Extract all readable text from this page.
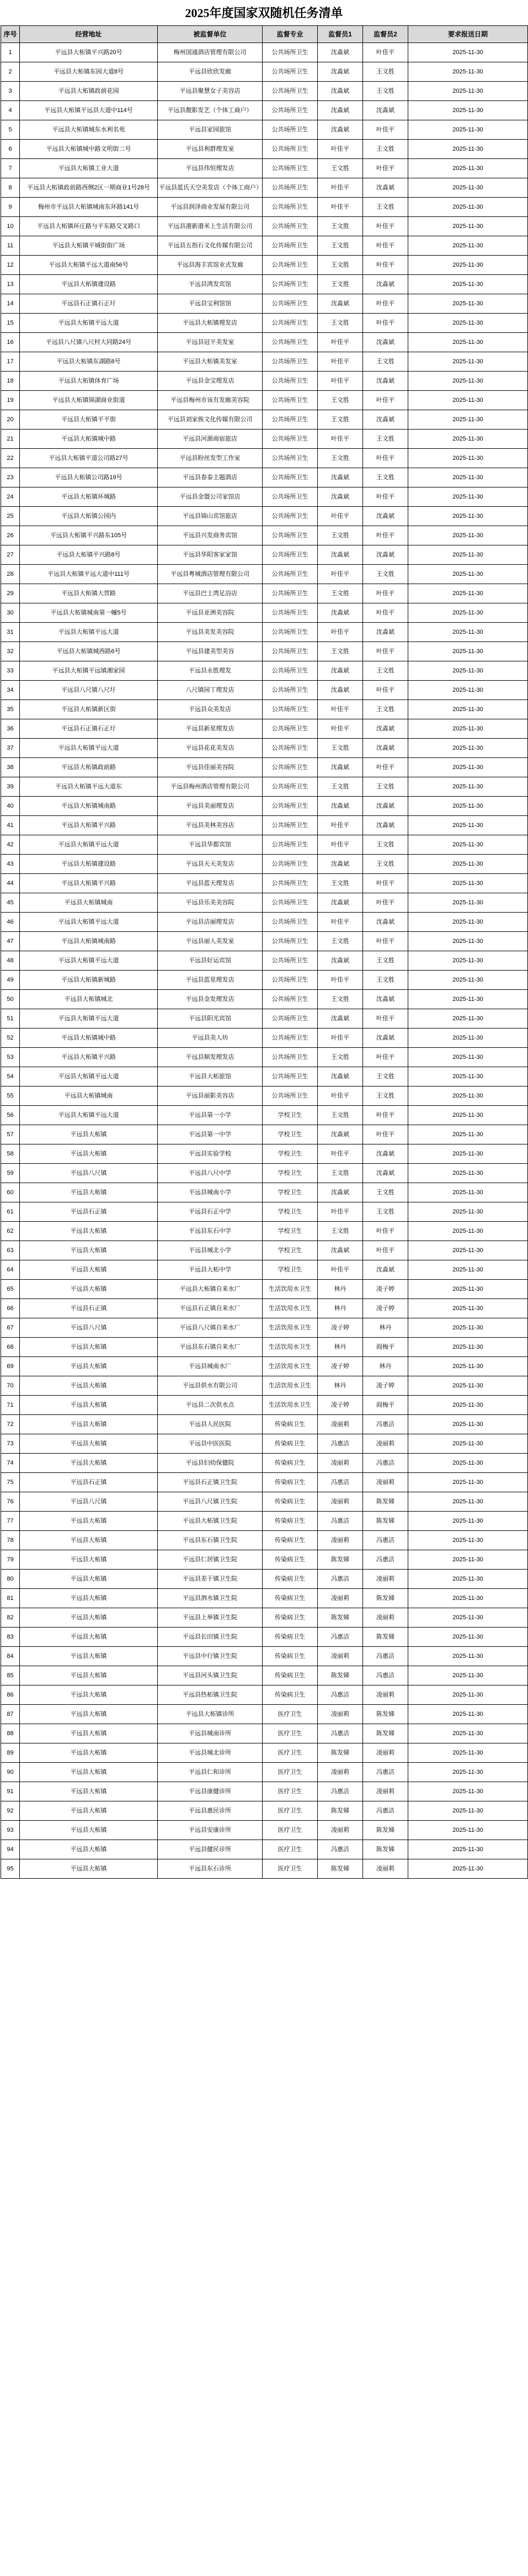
2025年度国家双随机任务清单
序号	经营地址	被监督单位	监督专业	监督员1	监督员2	要求报送日期
1	平远县大柘镇平兴路20号	梅州国通酒店管理有限公司	公共场所卫生	沈淼斌	叶佳平	2025-11-30
2	平远县大柘镇东园大道8号	平远县欣欣发廊	公共场所卫生	沈淼斌	王文胜	2025-11-30
3	平远县大柘镇政前花园	平远县聚慧女子美容店	公共场所卫生	沈淼斌	王文胜	2025-11-30
4	平远县大柘镇平远县大道中114号	平远县靓影发艺（个体工商户）	公共场所卫生	沈淼斌	沈淼斌	2025-11-30
5	平远县大柘镇城东水利名苑	平远县家园旅馆	公共场所卫生	沈淼斌	叶佳平	2025-11-30
6	平远县大柘镇城中路文明街二号	平远县利群理发室	公共场所卫生	叶佳平	王文胜	2025-11-30
7	平远县大柘镇工业大道	平远县伟恒理发店	公共场所卫生	王文胜	叶佳平	2025-11-30
8	平远县大柘镇政前路西侧2区一期商业1号28号	平远县蓝氏天空美发店（个体工商户）	公共场所卫生	叶佳平	沈淼斌	2025-11-30
9	梅州市平远县大柘镇城南东环路141号	平远县润泽商业发展有限公司	公共场所卫生	叶佳平	王文胜	2025-11-30
10	平远县大柘镇环庄路与平东路交叉路口	平远县港新港米上生活有限公司	公共场所卫生	王文胜	叶佳平	2025-11-30
11	平远县大柘镇平城街街广场	平远县五指石文化传媒有限公司	公共场所卫生	王文胜	叶佳平	2025-11-30
12	平远县大柘镇平远大道南56号	平远县海丰宾馆业式发廊	公共场所卫生	王文胜	叶佳平	2025-11-30
13	平远县大柘镇建设路	平远县鸿发宾馆	公共场所卫生	王文胜	沈淼斌	2025-11-30
14	平远县石正镇石正圩	平远县宝利馆馆	公共场所卫生	沈淼斌	叶佳平	2025-11-30
15	平远县大柘镇平远大道	平远县大柘镇理发店	公共场所卫生	王文胜	叶佳平	2025-11-30
16	平远县八尺镇八尺村大同路24号	平远县冠平美发室	公共场所卫生	叶佳平	沈淼斌	2025-11-30
17	平远县大柘镇东湖路8号	平远县大柘镇美发室	公共场所卫生	叶佳平	王文胜	2025-11-30
18	平远县大柘镇体育广场	平远县金宝理发店	公共场所卫生	叶佳平	沈淼斌	2025-11-30
19	平远县大柘镇锦湖商业街道	平远县梅州市该有发廊美容院	公共场所卫生	王文胜	叶佳平	2025-11-30
20	平远县大柘镇平平街	平远县刘家族文化传媒有限公司	公共场所卫生	王文胜	沈淼斌	2025-11-30
21	平远县大柘镇城中路	平远县河源商宿旅店	公共场所卫生	叶佳平	王文胜	2025-11-30
22	平远县大柘镇平道公司路27号	平远县粉丝发型工作室	公共场所卫生	王文胜	叶佳平	2025-11-30
23	平远县大柘镇公司路19号	平远县春泰主题酒店	公共场所卫生	沈淼斌	王文胜	2025-11-30
24	平远县大柘镇环城路	平远县金盟公司家馆店	公共场所卫生	沈淼斌	叶佳平	2025-11-30
25	平远县大柘镇公园内	平远县锦山宾馆旅店	公共场所卫生	叶佳平	沈淼斌	2025-11-30
26	平远县大柘镇平兴路东105号	平远县兴发商务宾馆	公共场所卫生	王文胜	叶佳平	2025-11-30
27	平远县大柘镇平兴路8号	平远县华阳客家家馆	公共场所卫生	沈淼斌	沈淼斌	2025-11-30
28	平远县大柘镇平远大道中111号	平远县粤城酒店管理有限公司	公共场所卫生	叶佳平	王文胜	2025-11-30
29	平远县大柘镇大营路	平远县巴士湾足浴店	公共场所卫生	王文胜	叶佳平	2025-11-30
30	平远县大柘镇城南第一幢5号	平远县亚洲美容院	公共场所卫生	沈淼斌	叶佳平	2025-11-30
31	平远县大柘镇平远大道	平远县美发美容院	公共场所卫生	叶佳平	沈淼斌	2025-11-30
32	平远县大柘镇城西路6号	平远县建美型美容	公共场所卫生	王文胜	叶佳平	2025-11-30
33	平远县大柘镇平远镇湘家园	平远县永胜理发	公共场所卫生	沈淼斌	王文胜	2025-11-30
34	平远县八尺镇八尺圩	八尺镇园丁理发店	公共场所卫生	沈淼斌	叶佳平	2025-11-30
35	平远县大柘镇新区街	平远县众美发店	公共场所卫生	叶佳平	王文胜	2025-11-30
36	平远县石正镇石正圩	平远县新星理发店	公共场所卫生	叶佳平	沈淼斌	2025-11-30
37	平远县大柘镇平远大道	平远县花花美发店	公共场所卫生	王文胜	沈淼斌	2025-11-30
38	平远县大柘镇政前路	平远县佳丽美容院	公共场所卫生	沈淼斌	叶佳平	2025-11-30
39	平远县大柘镇平远大道东	平远县梅州酒店管理有限公司	公共场所卫生	王文胜	王文胜	2025-11-30
40	平远县大柘镇城南路	平远县美丽理发店	公共场所卫生	沈淼斌	沈淼斌	2025-11-30
41	平远县大柘镇平兴路	平远县美林美容店	公共场所卫生	叶佳平	沈淼斌	2025-11-30
42	平远县大柘镇平远大道	平远县华都宾馆	公共场所卫生	叶佳平	王文胜	2025-11-30
43	平远县大柘镇建设路	平远县天天美发店	公共场所卫生	沈淼斌	王文胜	2025-11-30
44	平远县大柘镇平兴路	平远县蓝天理发店	公共场所卫生	王文胜	叶佳平	2025-11-30
45	平远县大柘镇城南	平远县乐美美容院	公共场所卫生	沈淼斌	叶佳平	2025-11-30
46	平远县大柘镇平远大道	平远县洁丽理发店	公共场所卫生	叶佳平	沈淼斌	2025-11-30
47	平远县大柘镇城南路	平远县丽人美发室	公共场所卫生	王文胜	叶佳平	2025-11-30
48	平远县大柘镇平远大道	平远县好运宾馆	公共场所卫生	沈淼斌	王文胜	2025-11-30
49	平远县大柘镇新城路	平远县蓝星理发店	公共场所卫生	叶佳平	王文胜	2025-11-30
50	平远县大柘镇城北	平远县金发理发店	公共场所卫生	王文胜	沈淼斌	2025-11-30
51	平远县大柘镇平远大道	平远县阳光宾馆	公共场所卫生	沈淼斌	叶佳平	2025-11-30
52	平远县大柘镇城中路	平远县美人坊	公共场所卫生	叶佳平	沈淼斌	2025-11-30
53	平远县大柘镇平兴路	平远县顺发理发店	公共场所卫生	王文胜	叶佳平	2025-11-30
54	平远县大柘镇平远大道	平远县大柘旅馆	公共场所卫生	沈淼斌	王文胜	2025-11-30
55	平远县大柘镇城南	平远县丽影美容店	公共场所卫生	叶佳平	王文胜	2025-11-30
56	平远县大柘镇平远大道	平远县第一小学	学校卫生	王文胜	叶佳平	2025-11-30
57	平远县大柘镇	平远县第一中学	学校卫生	沈淼斌	叶佳平	2025-11-30
58	平远县大柘镇	平远县实验学校	学校卫生	叶佳平	沈淼斌	2025-11-30
59	平远县八尺镇	平远县八尺中学	学校卫生	王文胜	沈淼斌	2025-11-30
60	平远县大柘镇	平远县城南小学	学校卫生	沈淼斌	王文胜	2025-11-30
61	平远县石正镇	平远县石正中学	学校卫生	叶佳平	王文胜	2025-11-30
62	平远县大柘镇	平远县东石中学	学校卫生	王文胜	叶佳平	2025-11-30
63	平远县大柘镇	平远县城北小学	学校卫生	沈淼斌	叶佳平	2025-11-30
64	平远县大柘镇	平远县大柘中学	学校卫生	叶佳平	沈淼斌	2025-11-30
65	平远县大柘镇	平远县大柘镇自来水厂	生活饮用水卫生	林丹	凌子婷	2025-11-30
66	平远县石正镇	平远县石正镇自来水厂	生活饮用水卫生	林丹	凌子婷	2025-11-30
67	平远县八尺镇	平远县八尺镇自来水厂	生活饮用水卫生	凌子婷	林丹	2025-11-30
68	平远县大柘镇	平远县东石镇自来水厂	生活饮用水卫生	林丹	阎梅平	2025-11-30
69	平远县大柘镇	平远县城南水厂	生活饮用水卫生	凌子婷	林丹	2025-11-30
70	平远县大柘镇	平远县供水有限公司	生活饮用水卫生	林丹	凌子婷	2025-11-30
71	平远县大柘镇	平远县二次供水点	生活饮用水卫生	凌子婷	阎梅平	2025-11-30
72	平远县大柘镇	平远县人民医院	传染病卫生	凌丽莉	冯惠洁	2025-11-30
73	平远县大柘镇	平远县中医医院	传染病卫生	冯惠洁	凌丽莉	2025-11-30
74	平远县大柘镇	平远县妇幼保健院	传染病卫生	凌丽莉	冯惠洁	2025-11-30
75	平远县石正镇	平远县石正镇卫生院	传染病卫生	冯惠洁	凌丽莉	2025-11-30
76	平远县八尺镇	平远县八尺镇卫生院	传染病卫生	凌丽莉	陈发娣	2025-11-30
77	平远县大柘镇	平远县大柘镇卫生院	传染病卫生	冯惠洁	陈发娣	2025-11-30
78	平远县大柘镇	平远县东石镇卫生院	传染病卫生	凌丽莉	冯惠洁	2025-11-30
79	平远县大柘镇	平远县仁居镇卫生院	传染病卫生	陈发娣	冯惠洁	2025-11-30
80	平远县大柘镇	平远县差干镇卫生院	传染病卫生	冯惠洁	凌丽莉	2025-11-30
81	平远县大柘镇	平远县泗水镇卫生院	传染病卫生	凌丽莉	陈发娣	2025-11-30
82	平远县大柘镇	平远县上举镇卫生院	传染病卫生	陈发娣	凌丽莉	2025-11-30
83	平远县大柘镇	平远县长田镇卫生院	传染病卫生	冯惠洁	陈发娣	2025-11-30
84	平远县大柘镇	平远县中行镇卫生院	传染病卫生	凌丽莉	冯惠洁	2025-11-30
85	平远县大柘镇	平远县河头镇卫生院	传染病卫生	陈发娣	冯惠洁	2025-11-30
86	平远县大柘镇	平远县热柘镇卫生院	传染病卫生	冯惠洁	凌丽莉	2025-11-30
87	平远县大柘镇	平远县大柘镇诊所	医疗卫生	凌丽莉	陈发娣	2025-11-30
88	平远县大柘镇	平远县城南诊所	医疗卫生	冯惠洁	陈发娣	2025-11-30
89	平远县大柘镇	平远县城北诊所	医疗卫生	陈发娣	凌丽莉	2025-11-30
90	平远县大柘镇	平远县仁和诊所	医疗卫生	凌丽莉	冯惠洁	2025-11-30
91	平远县大柘镇	平远县康健诊所	医疗卫生	冯惠洁	凌丽莉	2025-11-30
92	平远县大柘镇	平远县惠民诊所	医疗卫生	陈发娣	冯惠洁	2025-11-30
93	平远县大柘镇	平远县安康诊所	医疗卫生	凌丽莉	陈发娣	2025-11-30
94	平远县大柘镇	平远县健民诊所	医疗卫生	冯惠洁	陈发娣	2025-11-30
95	平远县大柘镇	平远县东石诊所	医疗卫生	陈发娣	凌丽莉	2025-11-30
